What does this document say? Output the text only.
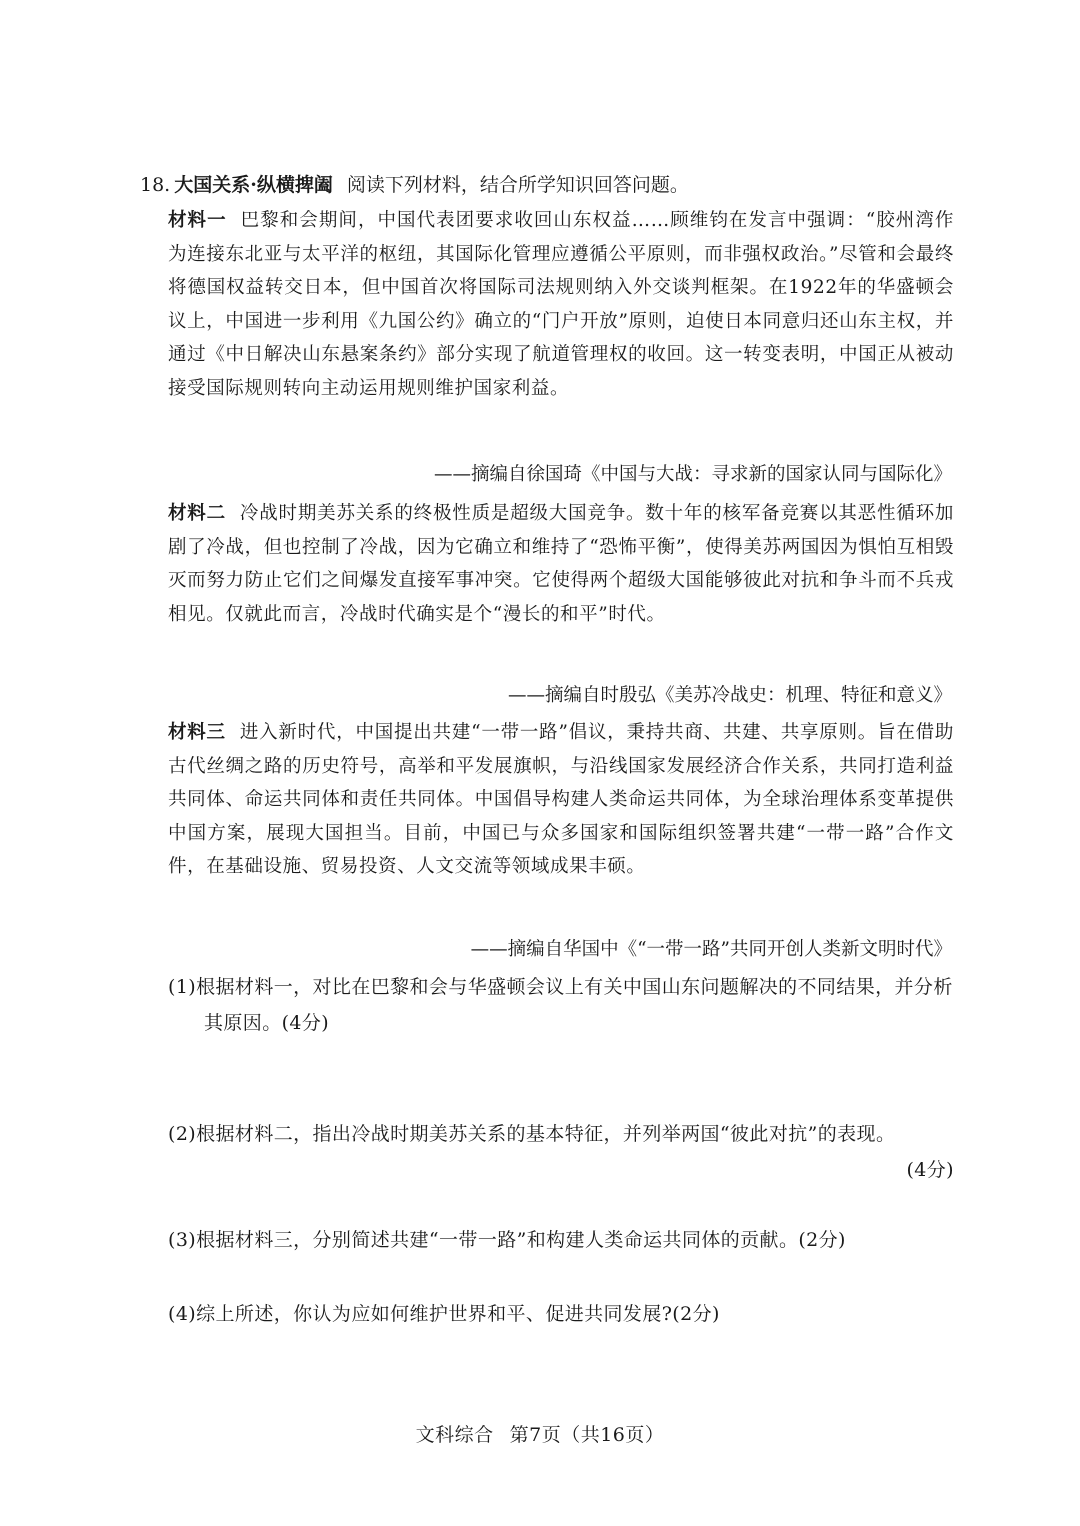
18. 大国关系·纵横捭阖 阅读下列材料，结合所学知识回答问题。
材料一 巴黎和会期间，中国代表团要求收回山东权益……顾维钧在发言中强调：“胶州湾作为连接东北亚与太平洋的枢纽，其国际化管理应遵循公平原则，而非强权政治。”尽管和会最终将德国权益转交日本，但中国首次将国际司法规则纳入外交谈判框架。在1922年的华盛顿会议上，中国进一步利用《九国公约》确立的“门户开放”原则，迫使日本同意归还山东主权，并通过《中日解决山东悬案条约》部分实现了航道管理权的收回。这一转变表明，中国正从被动接受国际规则转向主动运用规则维护国家利益。
——摘编自徐国琦《中国与大战：寻求新的国家认同与国际化》
材料二 冷战时期美苏关系的终极性质是超级大国竞争。数十年的核军备竞赛以其恶性循环加剧了冷战，但也控制了冷战，因为它确立和维持了“恐怖平衡”，使得美苏两国因为惧怕互相毁灭而努力防止它们之间爆发直接军事冲突。它使得两个超级大国能够彼此对抗和争斗而不兵戎相见。仅就此而言，冷战时代确实是个“漫长的和平”时代。
——摘编自时殷弘《美苏冷战史：机理、特征和意义》
材料三 进入新时代，中国提出共建“一带一路”倡议，秉持共商、共建、共享原则。旨在借助古代丝绸之路的历史符号，高举和平发展旗帜，与沿线国家发展经济合作关系，共同打造利益共同体、命运共同体和责任共同体。中国倡导构建人类命运共同体，为全球治理体系变革提供中国方案，展现大国担当。目前，中国已与众多国家和国际组织签署共建“一带一路”合作文件，在基础设施、贸易投资、人文交流等领域成果丰硕。
——摘编自华国中《“一带一路”共同开创人类新文明时代》
(1)根据材料一，对比在巴黎和会与华盛顿会议上有关中国山东问题解决的不同结果，并分析其原因。(4分)
(2)根据材料二，指出冷战时期美苏关系的基本特征，并列举两国“彼此对抗”的表现。
(4分)
(3)根据材料三，分别简述共建“一带一路”和构建人类命运共同体的贡献。(2分)
(4)综上所述，你认为应如何维护世界和平、促进共同发展?(2分)
文科综合 第7页（共16页）
